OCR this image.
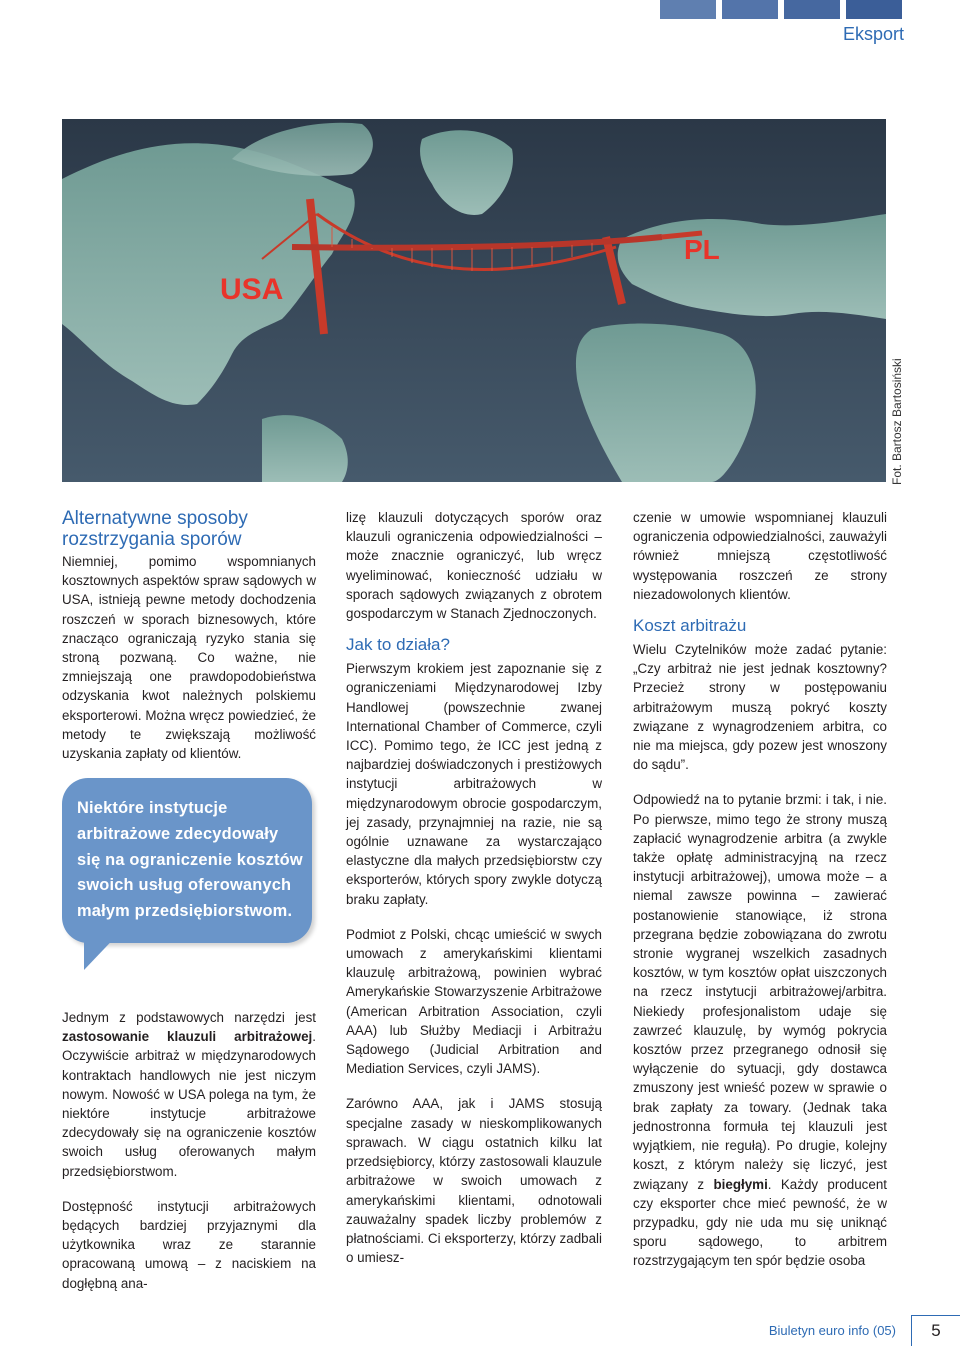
Eksport
USA
PL
Fot. Bartosz Bartosiński
Alternatywne sposoby rozstrzygania sporów

Niemniej, pomimo wspomnianych kosztownych aspektów spraw sądowych w USA, istnieją pewne metody dochodzenia roszczeń w sporach biznesowych, które znacząco ograniczają ryzyko stania się stroną pozwaną. Co ważne, nie zmniejszają one prawdopodobieństwa odzyskania kwot należnych polskiemu eksporterowi. Można wręcz powiedzieć, że metody te zwiększają możliwość uzyskania zapłaty od klientów.

Niektóre instytucje arbitrażowe zdecydowały się na ograniczenie kosztów swoich usług oferowanych małym przedsiębiorstwom.

Jednym z podstawowych narzędzi jest zastosowanie klauzuli arbitrażowej. Oczywiście arbitraż w międzynarodowych kontraktach handlowych nie jest niczym nowym. Nowość w USA polega na tym, że niektóre instytucje arbitrażowe zdecydowały się na ograniczenie kosztów swoich usług oferowanych małym przedsiębiorstwom.

Dostępność instytucji arbitrażowych będących bardziej przyjaznymi dla użytkownika wraz ze starannie opracowaną umową – z naciskiem na dogłębną ana-

lizę klauzuli dotyczących sporów oraz klauzuli ograniczenia odpowiedzialności – może znacznie ograniczyć, lub wręcz wyeliminować, konieczność udziału w sporach sądowych związanych z obrotem gospodarczym w Stanach Zjednoczonych.

Jak to działa?

Pierwszym krokiem jest zapoznanie się z ograniczeniami Międzynarodowej Izby Handlowej (powszechnie zwanej International Chamber of Commerce, czyli ICC). Pomimo tego, że ICC jest jedną z najbardziej doświadczonych i prestiżowych instytucji arbitrażowych w międzynarodowym obrocie gospodarczym, jej zasady, przynajmniej na razie, nie są ogólnie uznawane za wystarczająco elastyczne dla małych przedsiębiorstw czy eksporterów, których spory zwykle dotyczą braku zapłaty.

Podmiot z Polski, chcąc umieścić w swych umowach z amerykańskimi klientami klauzulę arbitrażową, powinien wybrać Amerykańskie Stowarzyszenie Arbitrażowe (American Arbitration Association, czyli AAA) lub Służby Mediacji i Arbitrażu Sądowego (Judicial Arbitration and Mediation Services, czyli JAMS).

Zarówno AAA, jak i JAMS stosują specjalne zasady w nieskomplikowanych sprawach. W ciągu ostatnich kilku lat przedsiębiorcy, którzy zastosowali klauzule arbitrażowe w swoich umowach z amerykańskimi klientami, odnotowali zauważalny spadek liczby problemów z płatnościami. Ci eksporterzy, którzy zadbali o umiesz-

czenie w umowie wspomnianej klauzuli ograniczenia odpowiedzialności, zauważyli również mniejszą częstotliwość występowania roszczeń ze strony niezadowolonych klientów.

Koszt arbitrażu

Wielu Czytelników może zadać pytanie: „Czy arbitraż nie jest jednak kosztowny? Przecież strony w postępowaniu arbitrażowym muszą pokryć koszty związane z wynagrodzeniem arbitra, co nie ma miejsca, gdy pozew jest wnoszony do sądu”.

Odpowiedź na to pytanie brzmi: i tak, i nie. Po pierwsze, mimo tego że strony muszą zapłacić wynagrodzenie arbitra (a zwykle także opłatę administracyjną na rzecz instytucji arbitrażowej), umowa może – a niemal zawsze powinna – zawierać postanowienie stanowiące, iż strona przegrana będzie zobowiązana do zwrotu stronie wygranej wszelkich zasadnych kosztów, w tym kosztów opłat uiszczonych na rzecz instytucji arbitrażowej/arbitra. Niekiedy profesjonalistom udaje się zawrzeć klauzulę, by wymóg pokrycia kosztów przez przegranego odnosił się wyłączenie do sytuacji, gdy dostawca zmuszony jest wnieść pozew w sprawie o brak zapłaty za towary. (Jednak taka jednostronna formuła tej klauzuli jest wyjątkiem, nie regułą). Po drugie, kolejny koszt, z którym należy się liczyć, jest związany z biegłymi. Każdy producent czy eksporter chce mieć pewność, że w przypadku, gdy nie uda mu się uniknąć sporu sądowego, to arbitrem rozstrzygającym ten spór będzie osoba

Biuletyn euro info (05)	5
